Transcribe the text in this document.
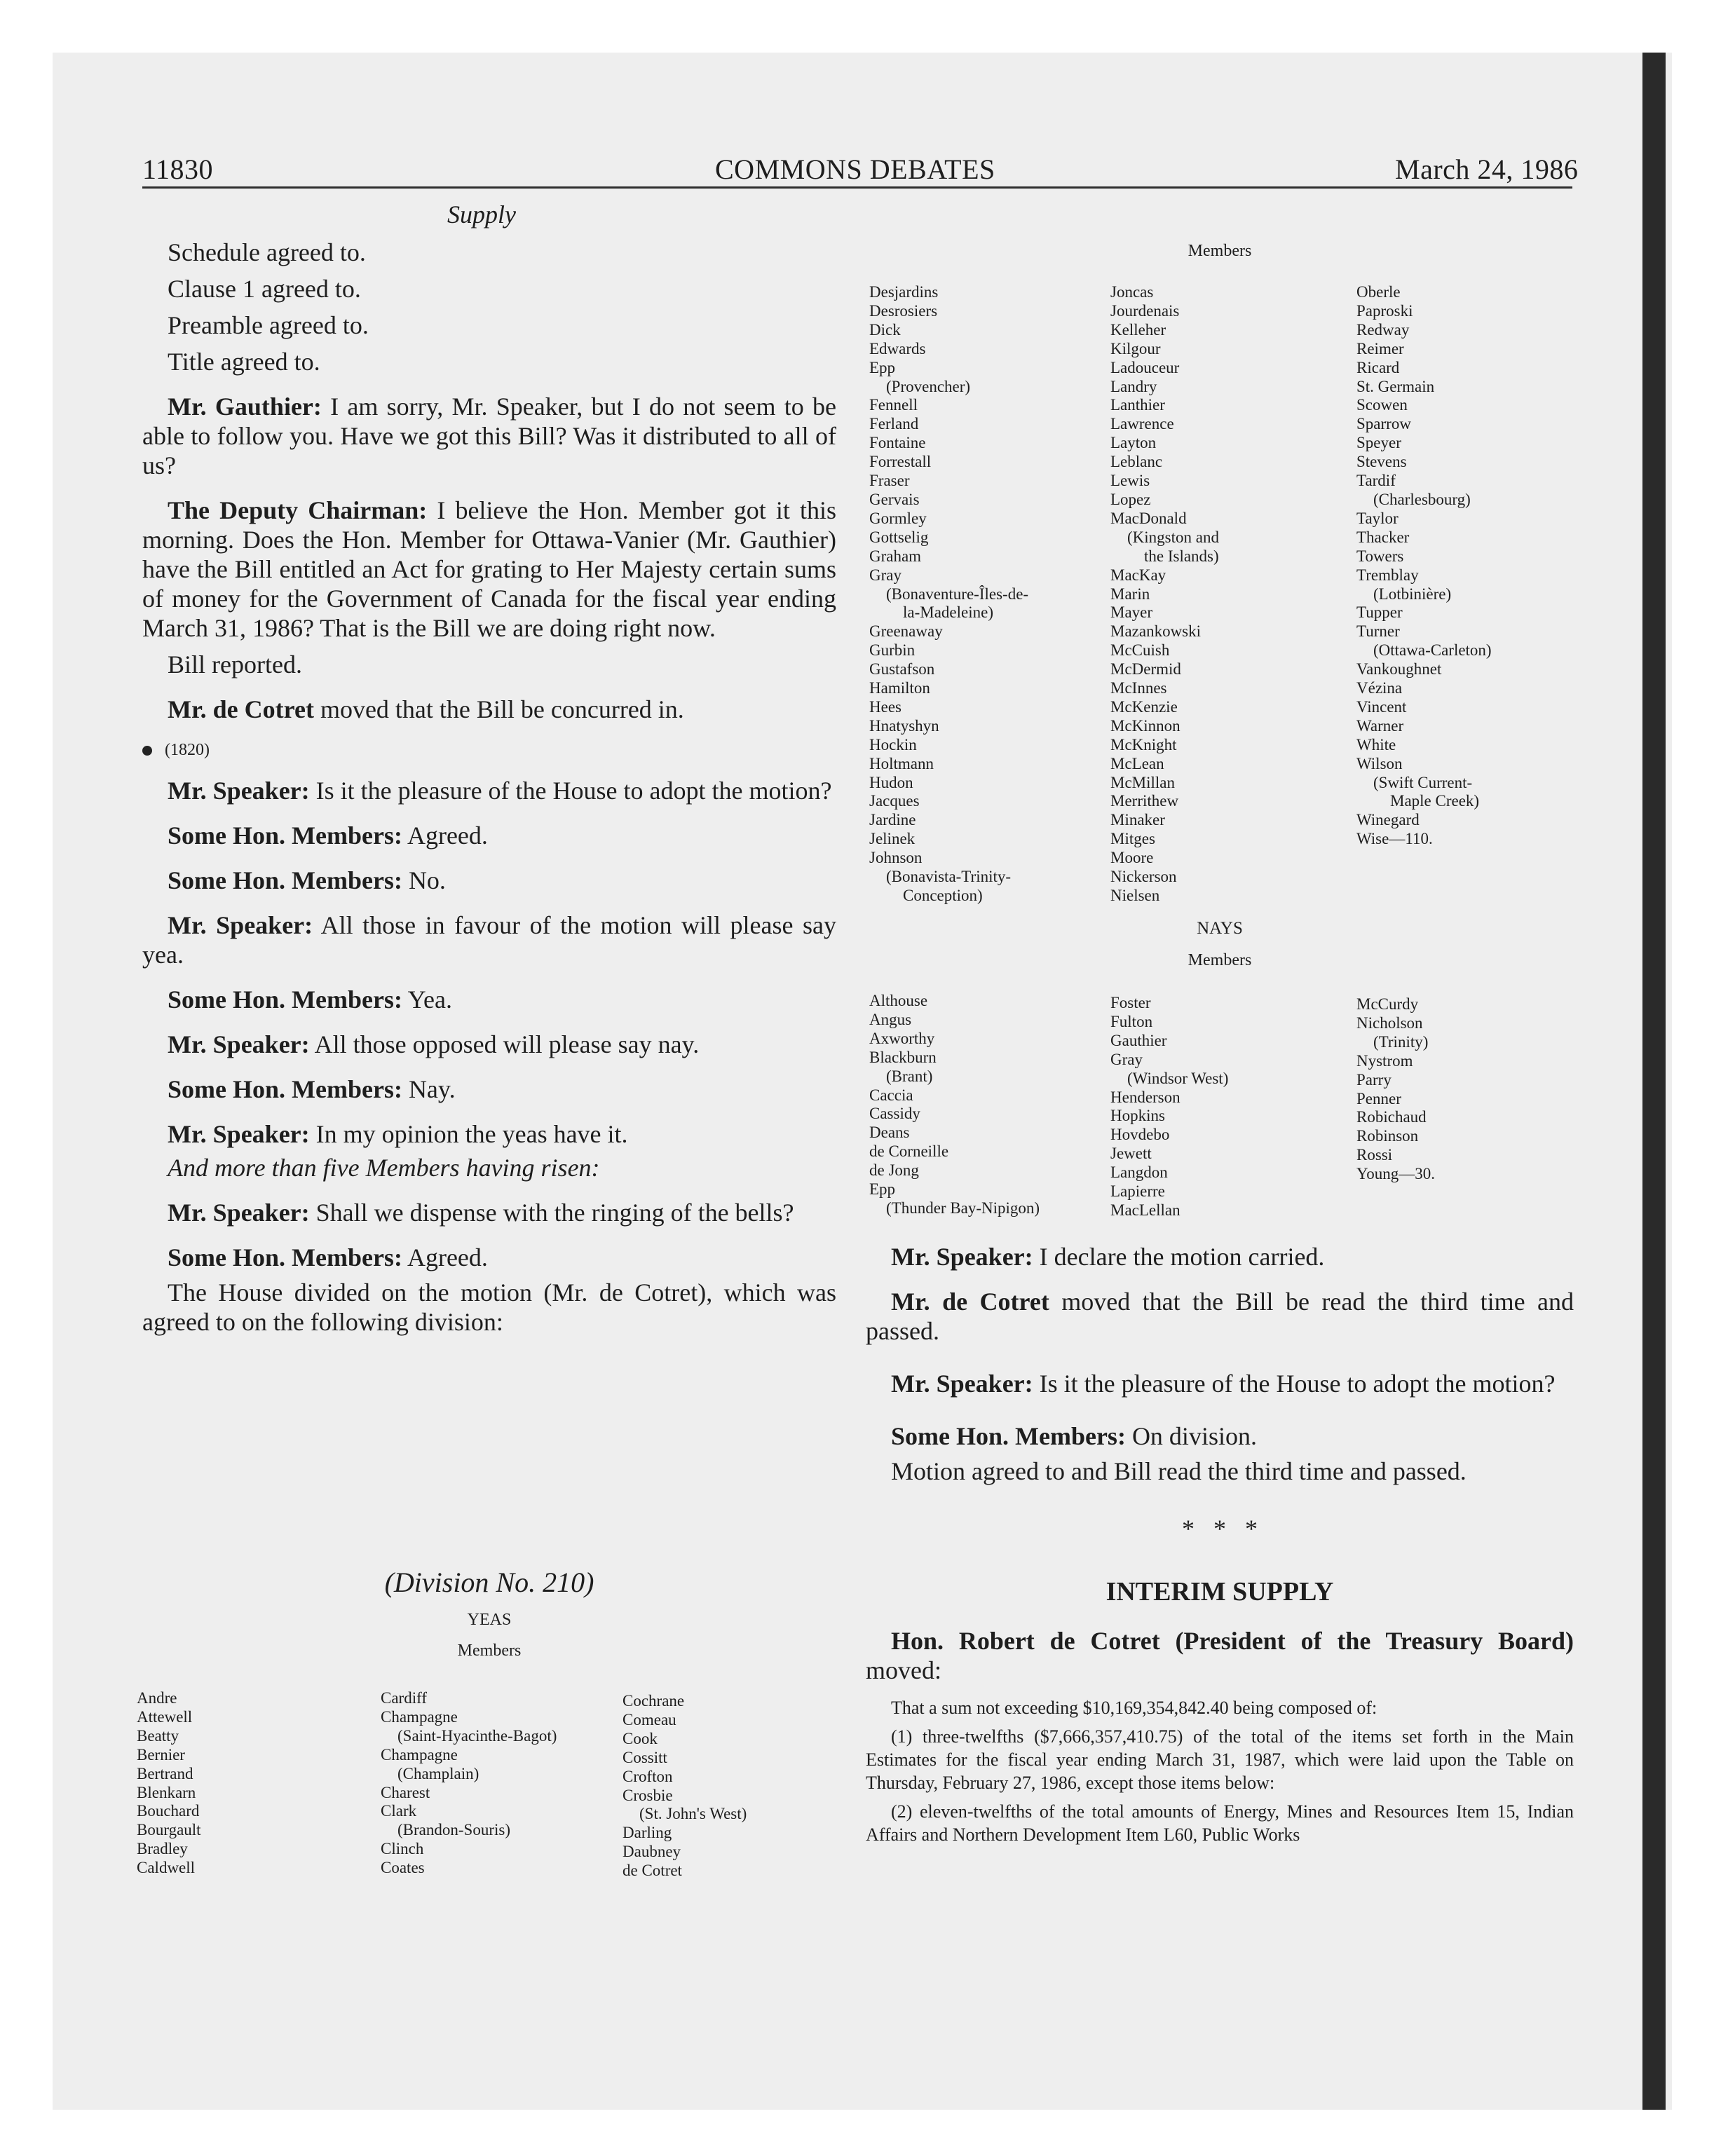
11830	COMMONS DEBATES	March 24, 1986

Supply

Schedule agreed to.

Clause 1 agreed to.

Preamble agreed to.

Title agreed to.

Mr. Gauthier: I am sorry, Mr. Speaker, but I do not seem to be able to follow you. Have we got this Bill? Was it distributed to all of us?

The Deputy Chairman: I believe the Hon. Member got it this morning. Does the Hon. Member for Ottawa-Vanier (Mr. Gauthier) have the Bill entitled an Act for grating to Her Majesty certain sums of money for the Government of Canada for the fiscal year ending March 31, 1986? That is the Bill we are doing right now.

Bill reported.

Mr. de Cotret moved that the Bill be concurred in.

(1820)

Mr. Speaker: Is it the pleasure of the House to adopt the motion?

Some Hon. Members: Agreed.

Some Hon. Members: No.

Mr. Speaker: All those in favour of the motion will please say yea.

Some Hon. Members: Yea.

Mr. Speaker: All those opposed will please say nay.

Some Hon. Members: Nay.

Mr. Speaker: In my opinion the yeas have it.

And more than five Members having risen:

Mr. Speaker: Shall we dispense with the ringing of the bells?

Some Hon. Members: Agreed.

The House divided on the motion (Mr. de Cotret), which was agreed to on the following division:

(Division No. 210)

YEAS

Members

Andre
Attewell
Beatty
Bernier
Bertrand
Blenkarn
Bouchard
Bourgault
Bradley
Caldwell
Cardiff
Champagne
(Saint-Hyacinthe-Bagot)
Champagne
(Champlain)
Charest
Clark
(Brandon-Souris)
Clinch
Coates
Cochrane
Comeau
Cook
Cossitt
Crofton
Crosbie
(St. John's West)
Darling
Daubney
de Cotret
Members
Desjardins
Desrosiers
Dick
Edwards
Epp
(Provencher)
Fennell
Ferland
Fontaine
Forrestall
Fraser
Gervais
Gormley
Gottselig
Graham
Gray
(Bonaventure-Îles-de-
la-Madeleine)
Greenaway
Gurbin
Gustafson
Hamilton
Hees
Hnatyshyn
Hockin
Holtmann
Hudon
Jacques
Jardine
Jelinek
Johnson
(Bonavista-Trinity-
Conception)
Joncas
Jourdenais
Kelleher
Kilgour
Ladouceur
Landry
Lanthier
Lawrence
Layton
Leblanc
Lewis
Lopez
MacDonald
(Kingston and
the Islands)
MacKay
Marin
Mayer
Mazankowski
McCuish
McDermid
McInnes
McKenzie
McKinnon
McKnight
McLean
McMillan
Merrithew
Minaker
Mitges
Moore
Nickerson
Nielsen
Oberle
Paproski
Redway
Reimer
Ricard
St. Germain
Scowen
Sparrow
Speyer
Stevens
Tardif
(Charlesbourg)
Taylor
Thacker
Towers
Tremblay
(Lotbinière)
Tupper
Turner
(Ottawa-Carleton)
Vankoughnet
Vézina
Vincent
Warner
White
Wilson
(Swift Current-
Maple Creek)
Winegard
Wise—110.
NAYS
Members
Althouse
Angus
Axworthy
Blackburn
(Brant)
Caccia
Cassidy
Deans
de Corneille
de Jong
Epp
(Thunder Bay-Nipigon)
Foster
Fulton
Gauthier
Gray
(Windsor West)
Henderson
Hopkins
Hovdebo
Jewett
Langdon
Lapierre
MacLellan
McCurdy
Nicholson
(Trinity)
Nystrom
Parry
Penner
Robichaud
Robinson
Rossi
Young—30.

Mr. Speaker: I declare the motion carried.

Mr. de Cotret moved that the Bill be read the third time and passed.

Mr. Speaker: Is it the pleasure of the House to adopt the motion?

Some Hon. Members: On division.

Motion agreed to and Bill read the third time and passed.

*   *   *

INTERIM SUPPLY

Hon. Robert de Cotret (President of the Treasury Board) moved:

That a sum not exceeding $10,169,354,842.40 being composed of:

(1) three-twelfths ($7,666,357,410.75) of the total of the items set forth in the Main Estimates for the fiscal year ending March 31, 1987, which were laid upon the Table on Thursday, February 27, 1986, except those items below:

(2) eleven-twelfths of the total amounts of Energy, Mines and Resources Item 15, Indian Affairs and Northern Development Item L60, Public Works
